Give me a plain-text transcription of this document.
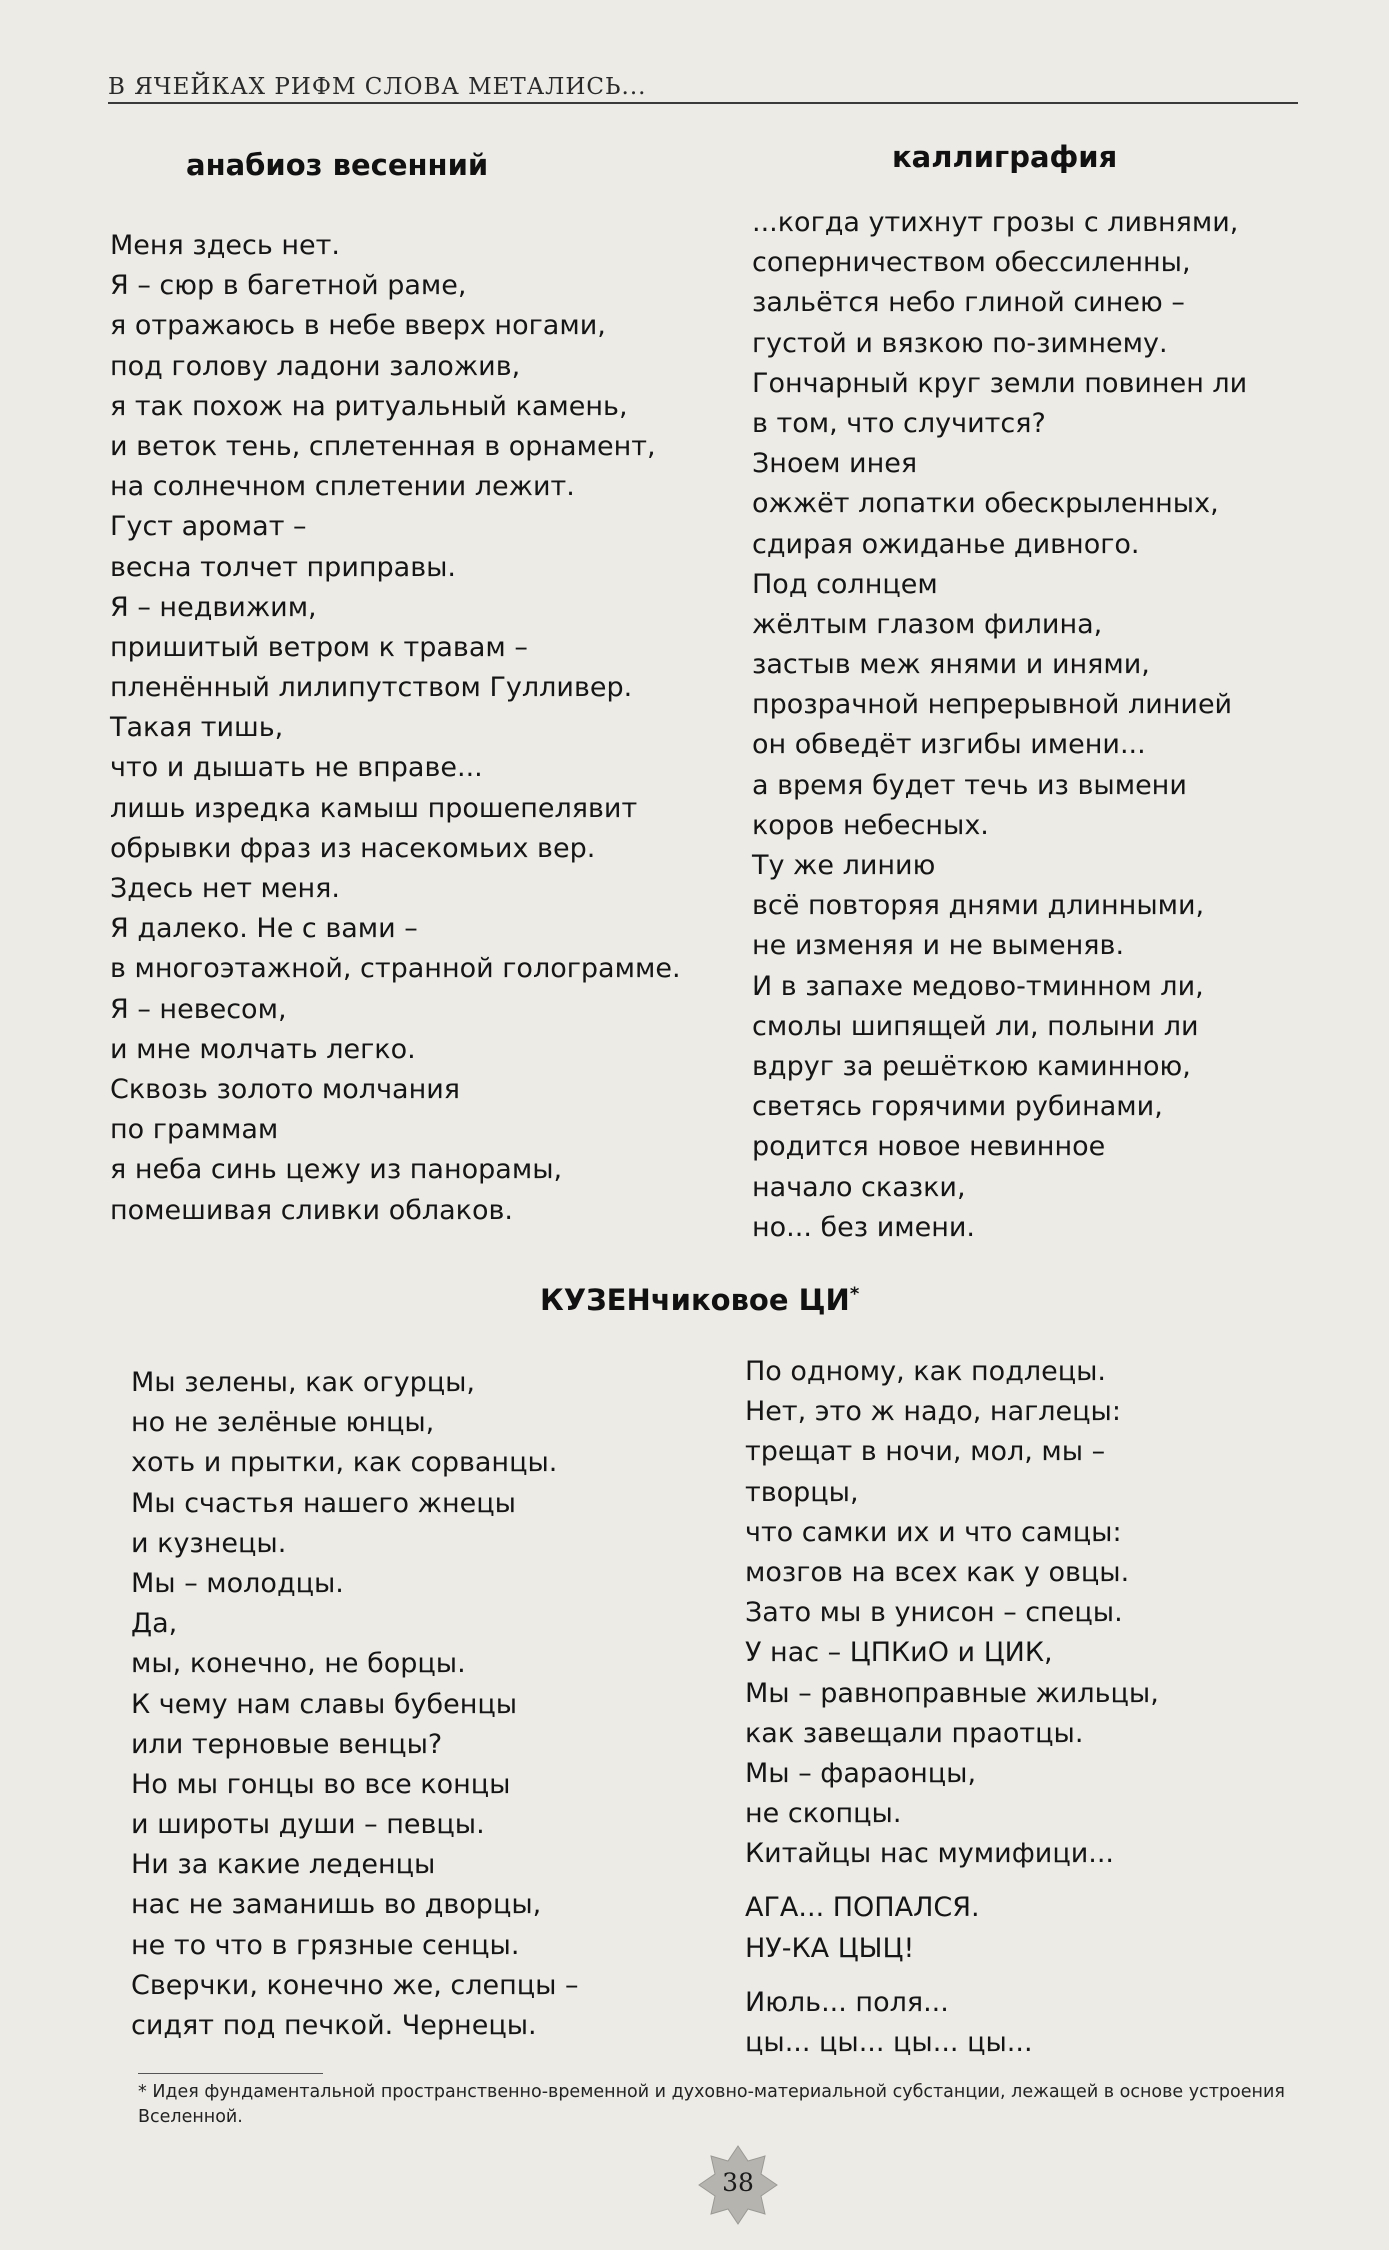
В ЯЧЕЙКАХ РИФМ СЛОВА МЕТАЛИСЬ...
анабиоз весенний
Меня здесь нет.
Я – сюр в багетной раме,
я отражаюсь в небе вверх ногами,
под голову ладони заложив,
я так похож на ритуальный камень,
и веток тень, сплетенная в орнамент,
на солнечном сплетении лежит.
Густ аромат –
весна толчет приправы.
Я – недвижим,
пришитый ветром к травам –
пленённый лилипутством Гулливер.
Такая тишь,
что и дышать не вправе...
лишь изредка камыш прошепелявит
обрывки фраз из насекомьих вер.
Здесь нет меня.
Я далеко. Не с вами –
в многоэтажной, странной голограмме.
Я – невесом,
и мне молчать легко.
Сквозь золото молчания
по граммам
я неба синь цежу из панорамы,
помешивая сливки облаков.
каллиграфия
...когда утихнут грозы с ливнями,
соперничеством обессиленны,
зальётся небо глиной синею –
густой и вязкою по-зимнему.
Гончарный круг земли повинен ли
в том, что случится?
Зноем инея
ожжёт лопатки обескрыленных,
сдирая ожиданье дивного.
Под солнцем
жёлтым глазом филина,
застыв меж янями и инями,
прозрачной непрерывной линией
он обведёт изгибы имени...
а время будет течь из вымени
коров небесных.
Ту же линию
всё повторяя днями длинными,
не изменяя и не выменяв.
И в запахе медово-тминном ли,
смолы шипящей ли, полыни ли
вдруг за решёткою каминною,
светясь горячими рубинами,
родится новое невинное
начало сказки,
но... без имени.
КУЗЕНчиковое ЦИ*
Мы зелены, как огурцы,
но не зелёные юнцы,
хоть и прытки, как сорванцы.
Мы счастья нашего жнецы
и кузнецы.
Мы – молодцы.
Да,
мы, конечно, не борцы.
К чему нам славы бубенцы
или терновые венцы?
Но мы гонцы во все концы
и широты души – певцы.
Ни за какие леденцы
нас не заманишь во дворцы,
не то что в грязные сенцы.
Сверчки, конечно же, слепцы –
сидят под печкой. Чернецы.
По одному, как подлецы.
Нет, это ж надо, наглецы:
трещат в ночи, мол, мы –
творцы,
что самки их и что самцы:
мозгов на всех как у овцы.
Зато мы в унисон – спецы.
У нас – ЦПКиО и ЦИК,
Мы – равноправные жильцы,
как завещали праотцы.
Мы – фараонцы,
не скопцы.
Китайцы нас мумифици...
АГА... ПОПАЛСЯ.
НУ-КА ЦЫЦ!
Июль... поля...
цы... цы... цы... цы...
* Идея фундаментальной пространственно-временной и духовно-материальной субстанции, лежащей в основе устроения Вселенной.
38
